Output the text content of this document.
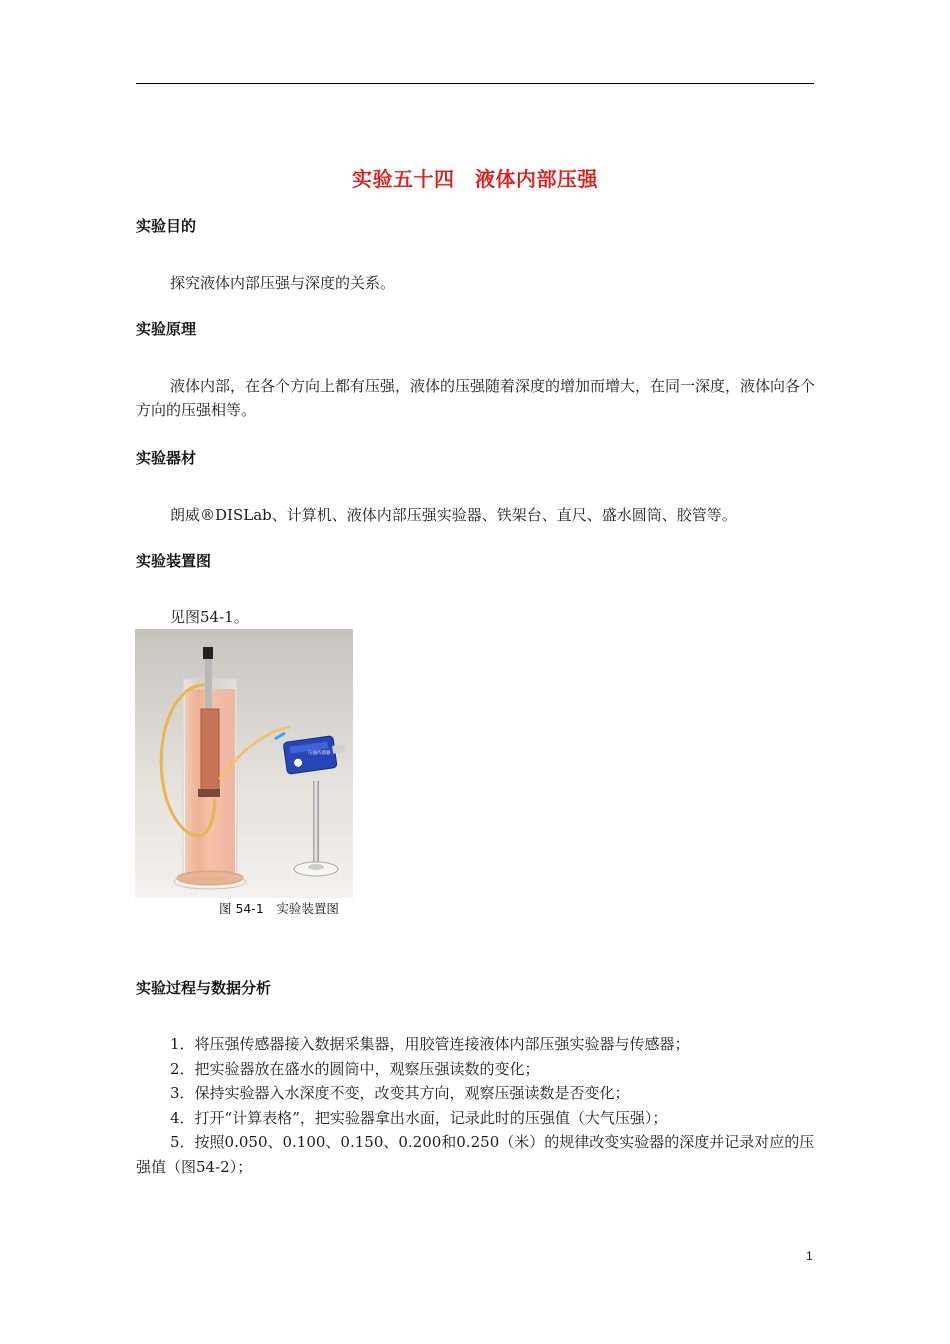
实验五十四　液体内部压强
实验目的
探究液体内部压强与深度的关系。
实验原理
液体内部，在各个方向上都有压强，液体的压强随着深度的增加而增大，在同一深度，液体向各个方向的压强相等。
实验器材
朗威®DISLab、计算机、液体内部压强实验器、铁架台、直尺、盛水圆筒、胶管等。
实验装置图
见图54-1。
压强传感器
图 54-1　实验装置图
实验过程与数据分析
1．将压强传感器接入数据采集器，用胶管连接液体内部压强实验器与传感器；
2．把实验器放在盛水的圆筒中，观察压强读数的变化；
3．保持实验器入水深度不变，改变其方向，观察压强读数是否变化；
4．打开“计算表格”，把实验器拿出水面，记录此时的压强值（大气压强）；
5．按照0.050、0.100、0.150、0.200和0.250（米）的规律改变实验器的深度并记录对应的压强值（图54-2）；
1
